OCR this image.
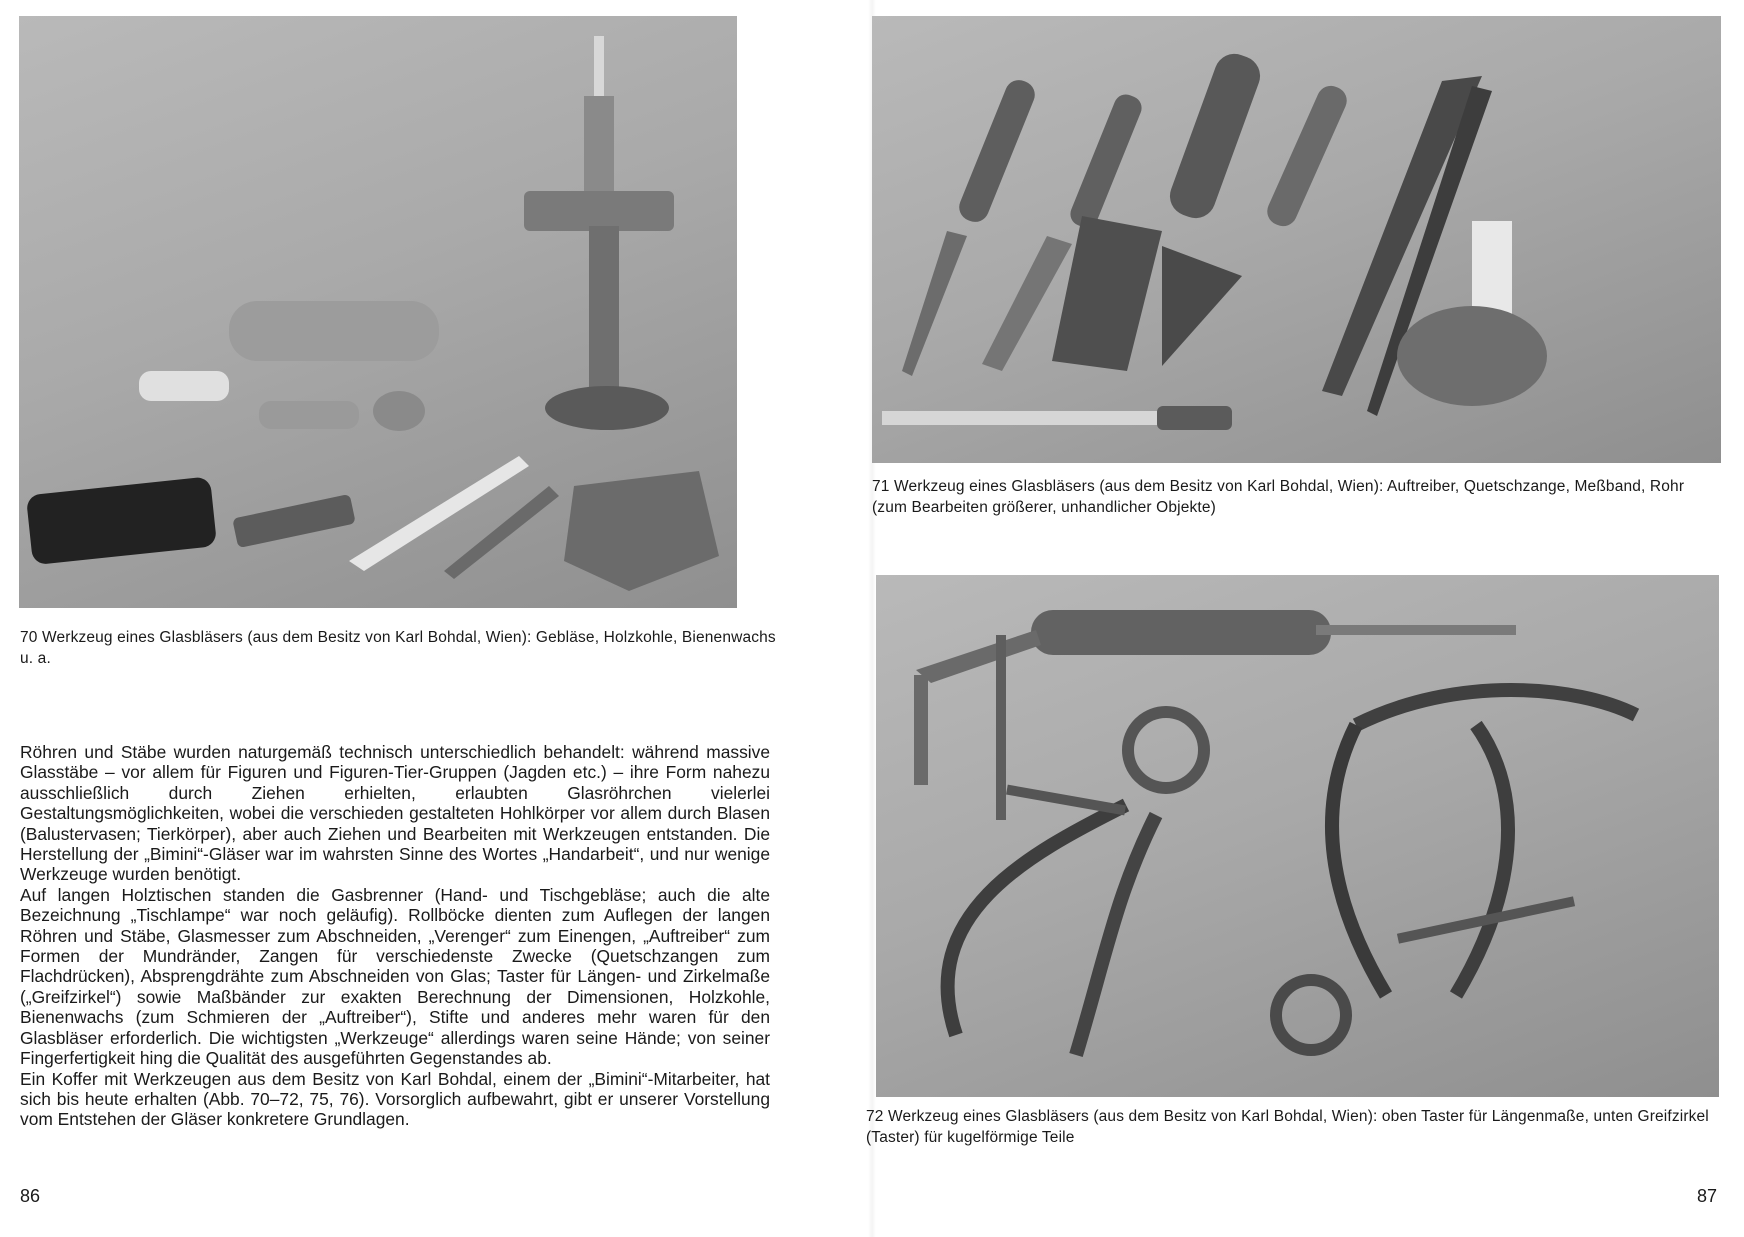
70 Werkzeug eines Glasbläsers (aus dem Besitz von Karl Bohdal, Wien): Gebläse, Holzkohle, Bienenwachs u. a.

Röhren und Stäbe wurden naturgemäß technisch unterschiedlich behandelt: während massive Glasstäbe – vor allem für Figuren und Figuren-Tier-Gruppen (Jagden etc.) – ihre Form nahezu ausschließlich durch Ziehen erhielten, erlaubten Glasröhrchen vielerlei Gestaltungsmöglichkeiten, wobei die verschieden gestalteten Hohlkörper vor allem durch Blasen (Balustervasen; Tierkörper), aber auch Ziehen und Bearbeiten mit Werkzeugen entstanden. Die Herstellung der „Bimini“-Gläser war im wahrsten Sinne des Wortes „Handarbeit“, und nur wenige Werkzeuge wurden benötigt.

Auf langen Holztischen standen die Gasbrenner (Hand- und Tischgebläse; auch die alte Bezeichnung „Tischlampe“ war noch geläufig). Rollböcke dienten zum Auflegen der langen Röhren und Stäbe, Glasmesser zum Abschneiden, „Verenger“ zum Einengen, „Auftreiber“ zum Formen der Mundränder, Zangen für verschiedenste Zwecke (Quetschzangen zum Flachdrücken), Absprengdrähte zum Abschneiden von Glas; Taster für Längen- und Zirkelmaße („Greifzirkel“) sowie Maßbänder zur exakten Berechnung der Dimensionen, Holzkohle, Bienenwachs (zum Schmieren der „Auftreiber“), Stifte und anderes mehr waren für den Glasbläser erforderlich. Die wichtigsten „Werkzeuge“ allerdings waren seine Hände; von seiner Fingerfertigkeit hing die Qualität des ausgeführten Gegenstandes ab.

Ein Koffer mit Werkzeugen aus dem Besitz von Karl Bohdal, einem der „Bimini“-Mitarbeiter, hat sich bis heute erhalten (Abb. 70–72, 75, 76). Vorsorglich aufbewahrt, gibt er unserer Vorstellung vom Entstehen der Gläser konkretere Grundlagen.

86

71 Werkzeug eines Glasbläsers (aus dem Besitz von Karl Bohdal, Wien): Auftreiber, Quetschzange, Meßband, Rohr (zum Bearbeiten größerer, unhandlicher Objekte)

72 Werkzeug eines Glasbläsers (aus dem Besitz von Karl Bohdal, Wien): oben Taster für Längenmaße, unten Greifzirkel (Taster) für kugelförmige Teile

87
